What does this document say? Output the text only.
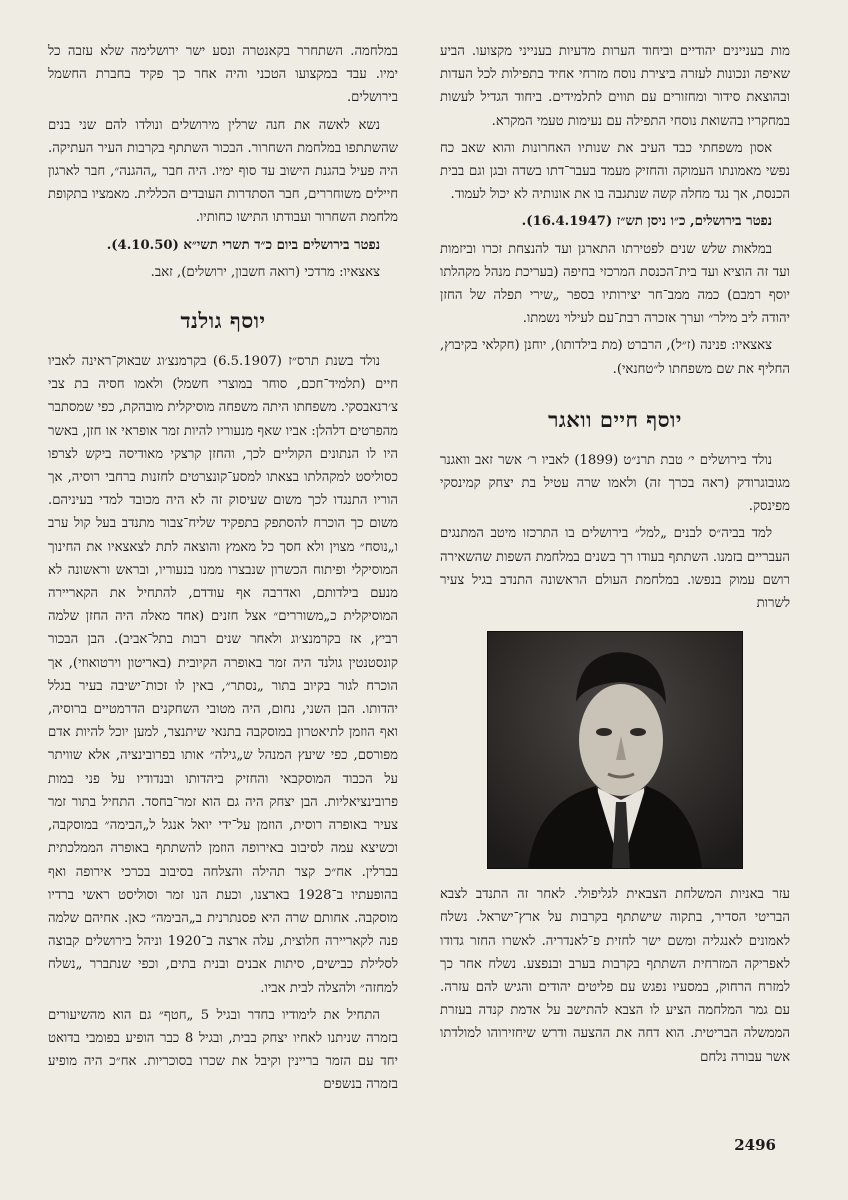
מות בעניינים יהודיים וביחוד הערות מדעיות בענייני מקצועו. הביע שאיפה ונכונות לעזרה ביצירת נוסח מזרחי אחיד בתפילות לכל העדות ובהוצאת סידור ומחזורים עם תווים לתלמידים. ביחוד הגדיל לעשות במחקריו בהשואת נוסחי התפילה עם נעימות טעמי המקרא.

אסון משפחתי כבד העיב את שנותיו האחרונות והוא שאב כח נפשי מאמונתו העמוקה והחזיק מעמד בעבר־דתו בשדה ובגן וגם בבית הכנסת, אך נגד מחלה קשה שנתגבה בו את אונותיה לא יכול לעמוד.

נפטר בירושלים, כ״ו ניסן תש״ז (16.4.1947).

במלאות שלש שנים לפטירתו התארגן ועד להנצחת זכרו וביזמות ועד זה הוציא ועד בית־הכנסת המרכזי בחיפה (בעריכת מנהל מקהלתו יוסף רמבם) כמה ממב־חר יצירותיו בספר „שירי תפלה של החזן יהודה ליב מילר״ וערך אזכרה רבת־עם לעילוי נשמתו.

צאצאיו: פנינה (ז״ל), הרברט (מת בילדותו), יוחנן (חקלאי בקיבוץ, החליף את שם משפחתו ל״טחנאי).

יוסף חיים וואגר

נולד בירושלים י׳ טבת תרנ״ט (1899) לאביו ר׳ אשר זאב וואגנר מגובוגרודק (ראה בכרך זה) ולאמו שרה עטיל בת יצחק קמינסקי מפינסק.

למד בביה״ס לבנים „למל״ בירושלים בו התרכזו מיטב המתנגים העבריים בזמנו. השתתף בעודו רך בשנים במלחמת השפות שהשאירה רושם עמוק בנפשו. במלחמת העולם הראשונה התנדב בגיל צעיר לשרות

עזר באניות המשלחת הצבאית לגליפולי. לאחר זה התנדב לצבא הבריטי הסדיר, בתקוה שישתתף בקרבות על ארץ־ישראל. נשלח לאמונים לאנגליה ומשם ישר לחזית פ־לאנדריה. לאשרו החזר גדודו לאפריקה המזרחית השתתף בקרבות בערב ובנפצע. נשלח אחר כך למזרח הרחוק, במסעיו נפגש עם פליטים יהודים והגיש להם עזרה. עם גמר המלחמה הציע לו הצבא להתישב על אדמת קנדה בעזרת הממשלה הבריטית. הוא דחה את ההצעה ודרש שיחזירוהו למולדתו אשר עבורה נלחם

במלחמה. השתחרר בקאנטרה ונסע ישר ירושלימה שלא עזבה כל ימיו. עבד במקצועו הטכני והיה אחר כך פקיד בחברת החשמל בירושלים.

נשא לאשה את חנה שרלין מירושלים ונולדו להם שני בנים שהשתתפו במלחמת השחרור. הבכור השתתף בקרבות העיר העתיקה. היה פעיל בהגנת הישוב עד סוף ימיו. היה חבר „ההגנה״, חבר לארגון חיילים משוחררים, חבר הסתדרות העובדים הכללית. מאמציו בתקופת מלחמת השחרור ועבודתו התישו כחותיו.

נפטר בירושלים ביום כ״ד תשרי תשי״א (4.10.50).

צאצאיו: מרדכי (רואה חשבון, ירושלים), זאב.

יוסף גולנד

נולד בשנת תרס״ז (6.5.1907) בקרמנצ׳וג שבאוק־ראינה לאביו חיים (תלמיד־חכם, סוחר במוצרי חשמל) ולאמו חסיה בת צבי צ׳רנאבסקי. משפחתו היתה משפחה מוסיקלית מובהקת, כפי שמסתבר מהפרטים דלהלן: אביו שאף מנעוריו להיות זמר אופראי או חזן, באשר היו לו הנתונים הקוליים לכך, והחזן קרצקי מאודיסה ביקש לצרפו כסוליסט למקהלתו בצאתו למסע־קונצרטים לחזנות ברחבי רוסיה, אך הוריו התנגדו לכך משום שעיסוק זה לא היה מכובד למדי בעיניהם. משום כך הוכרח להסתפק בתפקיד שליח־צבור מתנדב בעל קול ערב ו„נוסח״ מצוין ולא חסך כל מאמץ והוצאה לתת לצאצאיו את החינוך המוסיקלי ופיתוח הכשרון שנבצרו ממנו בנעוריו, ובראש וראשונה לא מנעם בילדותם, ואדרבה אף עודדם, להתחיל את הקאריירה המוסיקלית כ„משוררים״ אצל חזנים (אחד מאלה היה החזן שלמה רביץ, אז בקרמנצ׳וג ולאחר שנים רבות בתל־אביב). הבן הבכור קונסטנטין גולנד היה זמר באופרה הקיובית (באריטון וירטואוזי), אך הוכרח לגור בקיוב בתור „נסתר״, באין לו זכות־ישיבה בעיר בגלל יהדותו. הבן השני, נחום, היה מטובי השחקנים הדרמטיים ברוסיה, ואף הוזמן לתיאטרון במוסקבה בתנאי שיתנצר, למען יוכל להיות אדם מפורסם, כפי שיעץ המנהל ש„גילה״ אותו בפרובינציה, אלא שוויתר על הכבוד המוסקבאי והחזיק ביהדותו ובנדודיו על פני במות פרובינציאליות. הבן יצחק היה גם הוא זמר־בחסד. התחיל בתור זמר צעיר באופרה רוסית, הוזמן על־ידי יואל אנגל ל„הבימה״ במוסקבה, וכשיצא עמה לסיבוב באירופה הוזמן להשתתף באופרה הממלכתית בברלין. אח״כ קצר תהילה והצלחה בסיבוב בכרכי אירופה ואף בהופעתיו ב־1928 בארצנו, וכעת הנו זמר וסוליסט ראשי ברדיו מוסקבה. אחותם שרה היא פסנתרנית ב„הבימה״ כאן. אחיהם שלמה פנה לקאריירה חלוצית, עלה ארצה ב־1920 וניהל בירושלים קבוצה לסלילת כבישים, סיתות אבנים ובנית בתים, וכפי שנתברר „נשלח למחזה״ ולהצלה לבית אביו.

התחיל את לימודיו בחדר ובגיל 5 „חטף״ גם הוא מהשיעורים בזמרה שניתנו לאחיו יצחק בבית, ובגיל 8 כבר הופיע בפומבי בדואט יחד עם הזמר בריינין וקיבל את שכרו בסוכריות. אח״כ היה מופיע בזמרה בנשפים

2496
